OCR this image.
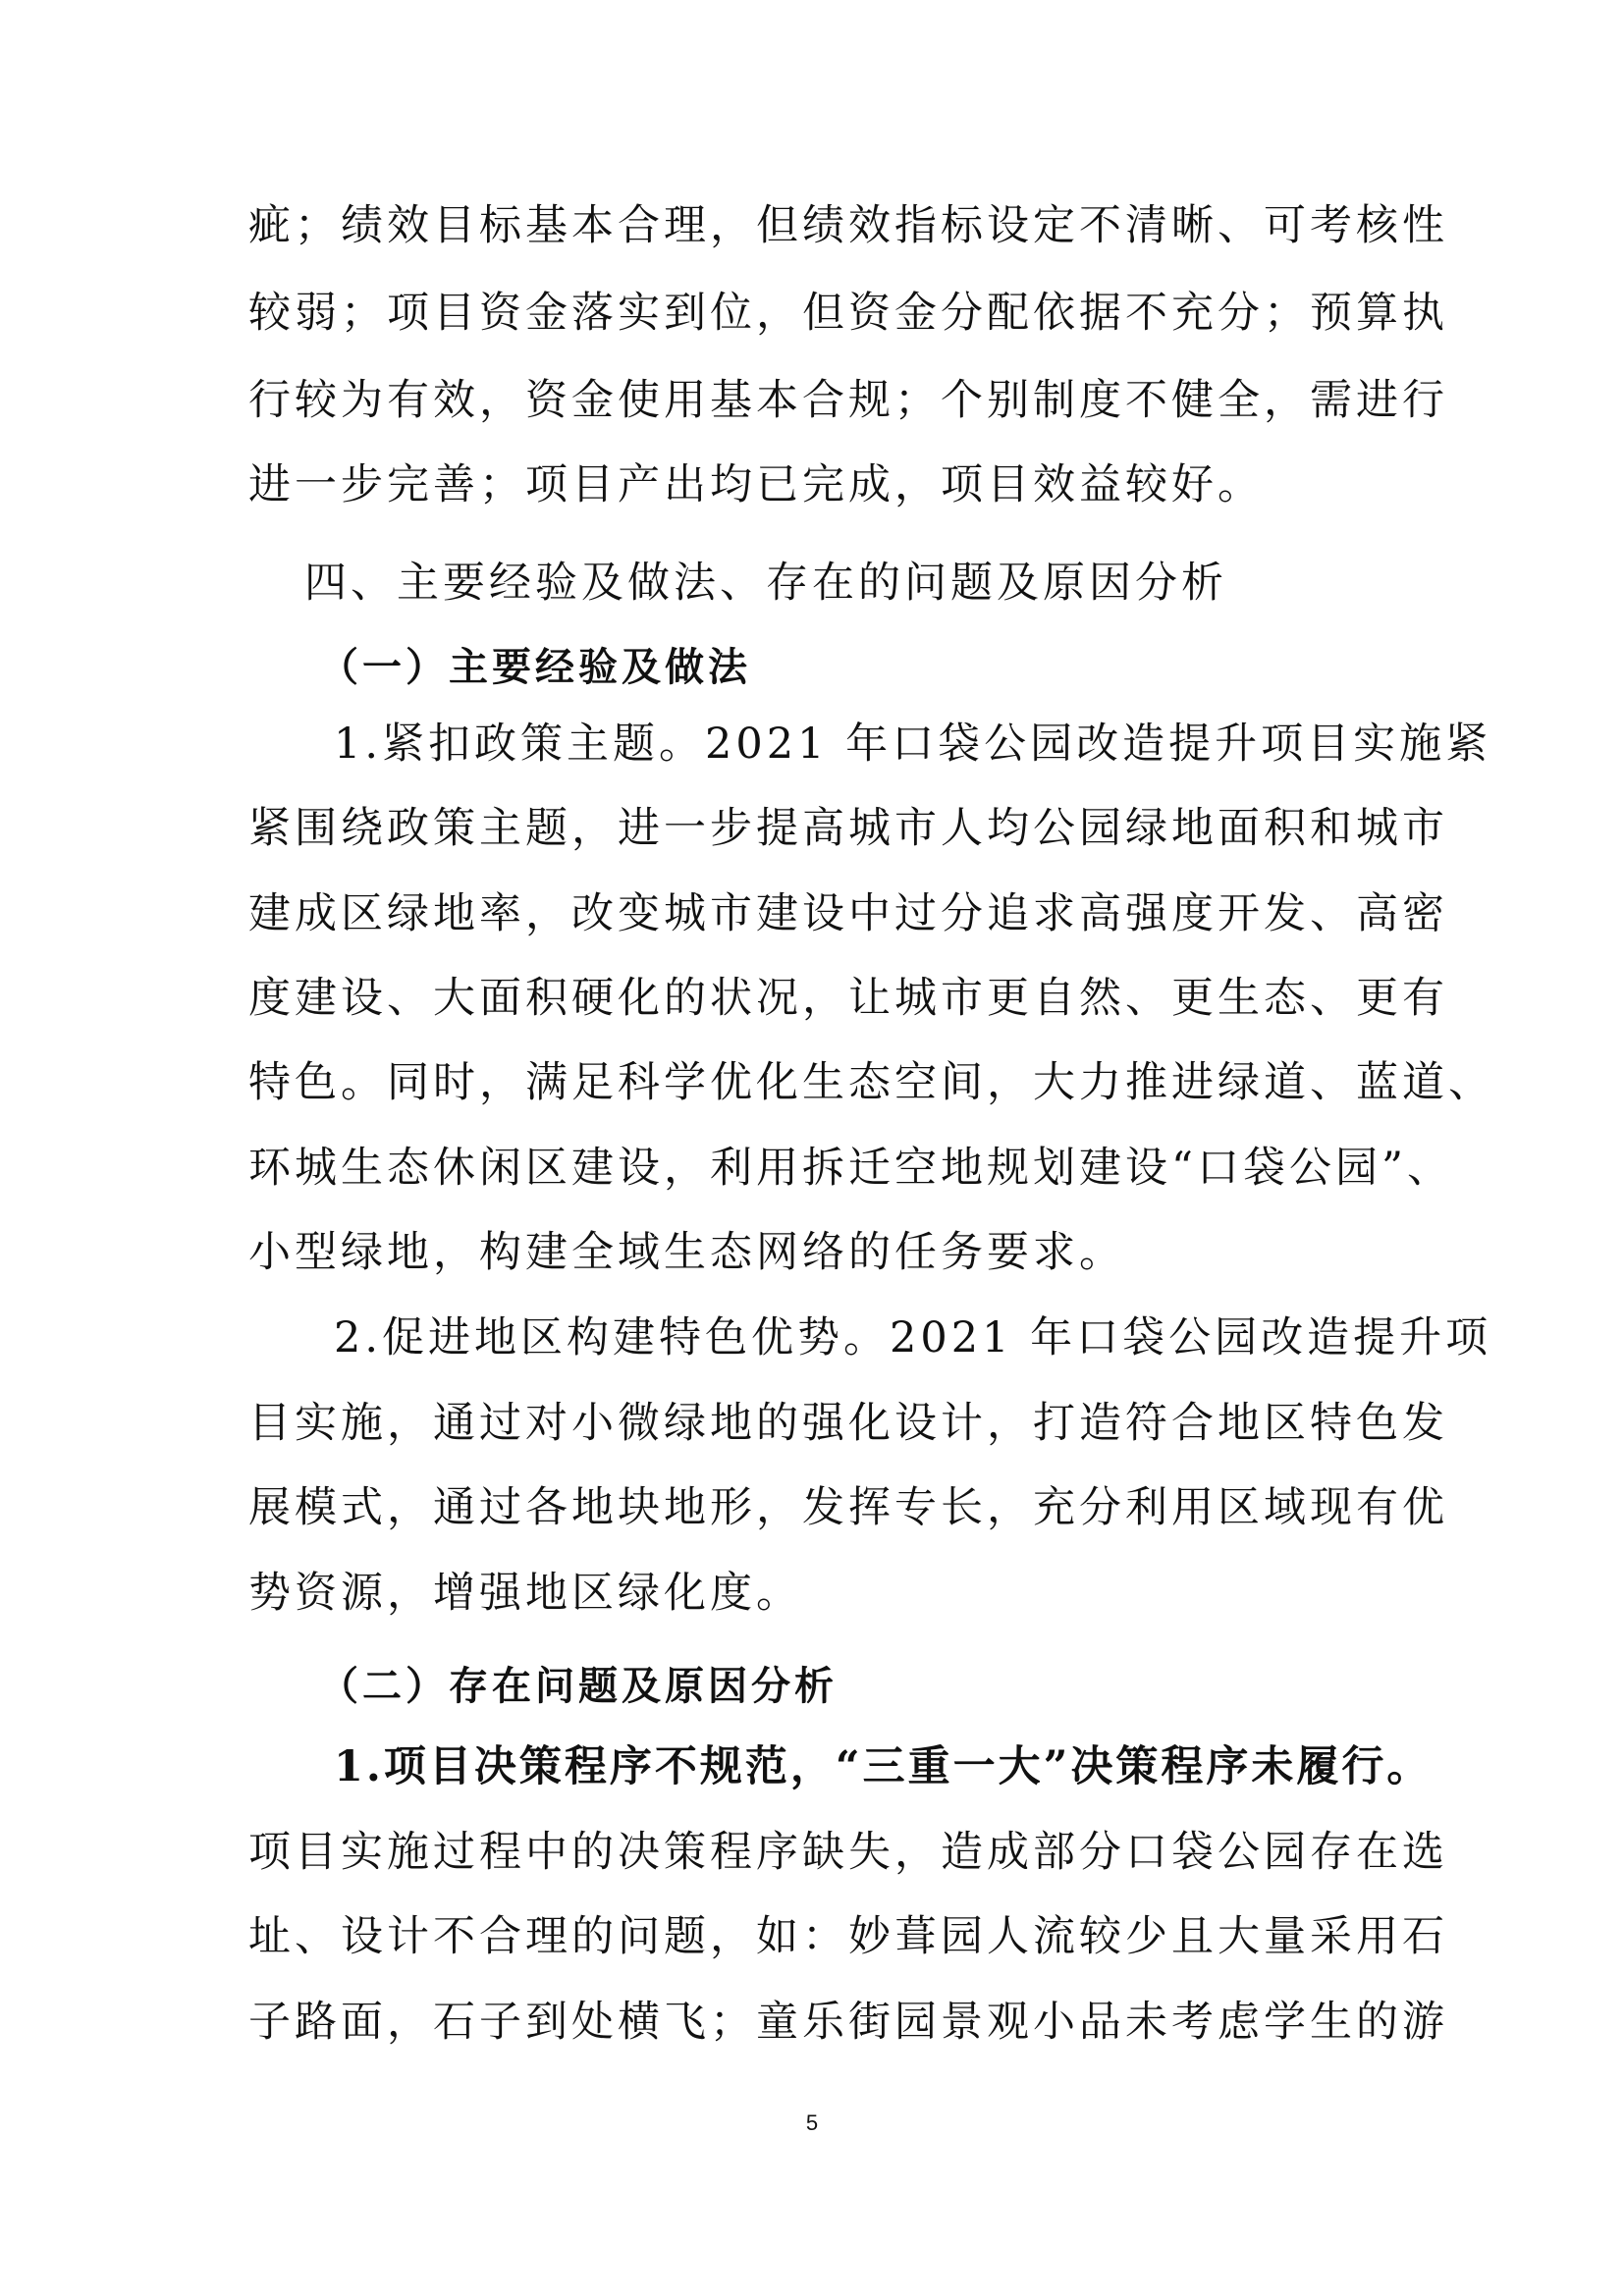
疵；绩效目标基本合理，但绩效指标设定不清晰、可考核性
较弱；项目资金落实到位，但资金分配依据不充分；预算执
行较为有效，资金使用基本合规；个别制度不健全，需进行
进一步完善；项目产出均已完成，项目效益较好。
四、主要经验及做法、存在的问题及原因分析
（一）主要经验及做法
1.紧扣政策主题。2021 年口袋公园改造提升项目实施紧
紧围绕政策主题，进一步提高城市人均公园绿地面积和城市
建成区绿地率，改变城市建设中过分追求高强度开发、高密
度建设、大面积硬化的状况，让城市更自然、更生态、更有
特色。同时，满足科学优化生态空间，大力推进绿道、蓝道、
环城生态休闲区建设，利用拆迁空地规划建设“口袋公园”、
小型绿地，构建全域生态网络的任务要求。
2.促进地区构建特色优势。2021 年口袋公园改造提升项
目实施，通过对小微绿地的强化设计，打造符合地区特色发
展模式，通过各地块地形，发挥专长，充分利用区域现有优
势资源，增强地区绿化度。
（二）存在问题及原因分析
1.项目决策程序不规范，“三重一大”决策程序未履行。
项目实施过程中的决策程序缺失，造成部分口袋公园存在选
址、设计不合理的问题，如：妙葺园人流较少且大量采用石
子路面，石子到处横飞；童乐街园景观小品未考虑学生的游
5
